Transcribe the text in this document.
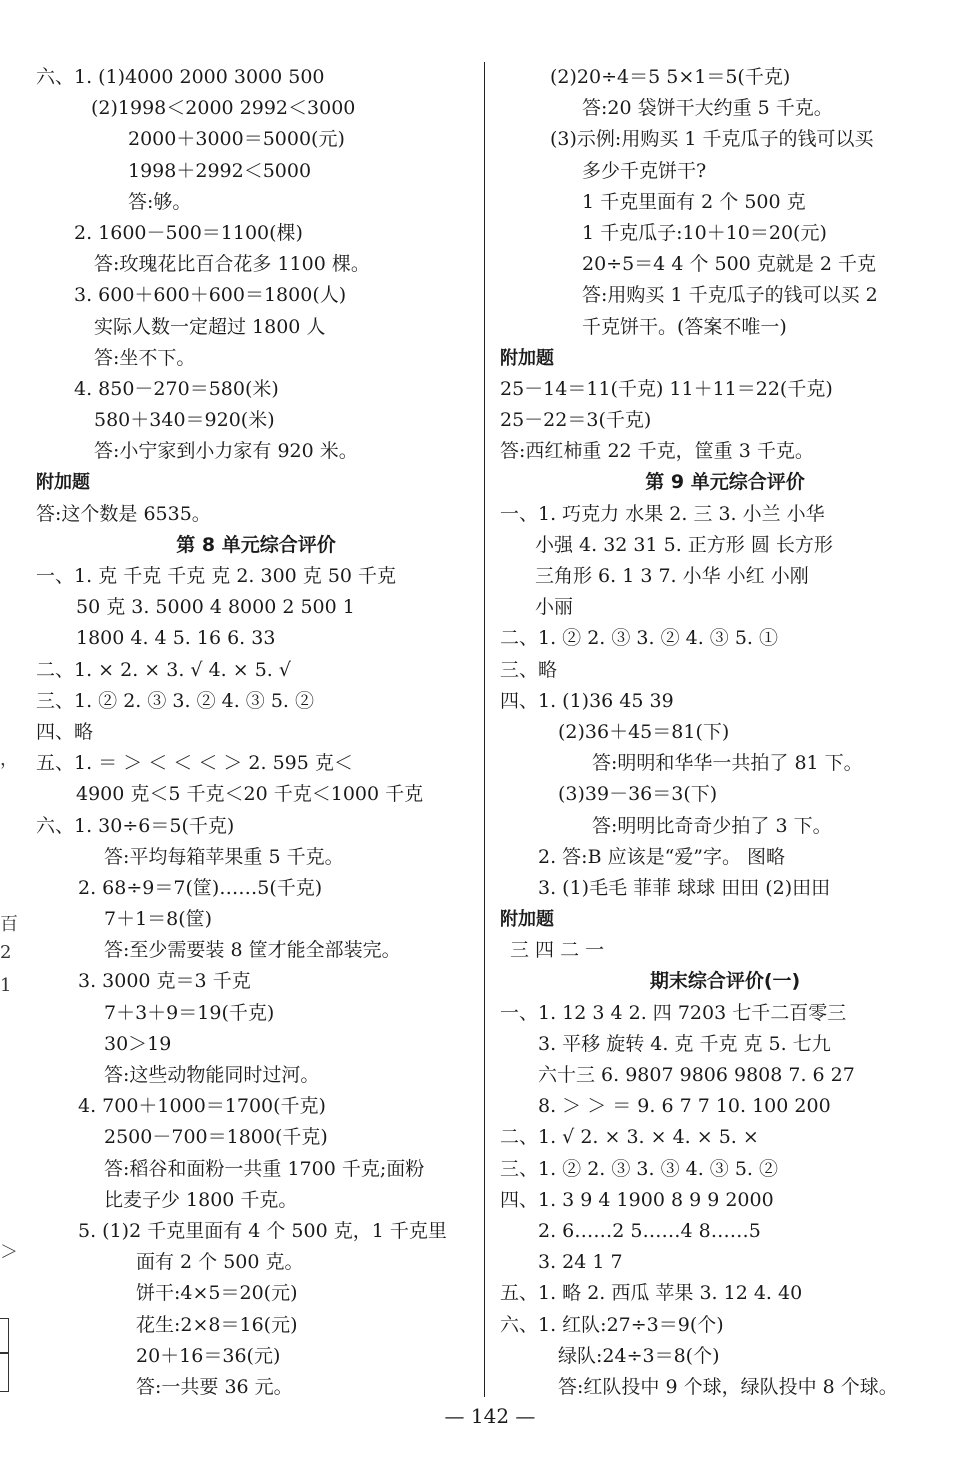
六、1. (1)4000 2000 3000 500
(2)1998＜2000 2992＜3000
2000＋3000＝5000(元)
1998＋2992＜5000
答:够。
2. 1600－500＝1100(棵)
答:玫瑰花比百合花多 1100 棵。
3. 600＋600＋600＝1800(人)
实际人数一定超过 1800 人
答:坐不下。
4. 850－270＝580(米)
580＋340＝920(米)
答:小宁家到小力家有 920 米。
附加题
答:这个数是 6535。
第 8 单元综合评价
一、1. 克 千克 千克 克 2. 300 克 50 千克
50 克 3. 5000 4 8000 2 500 1
1800 4. 4 5. 16 6. 33
二、1. × 2. × 3. √ 4. × 5. √
三、1. ② 2. ③ 3. ② 4. ③ 5. ②
四、略
五、1. ＝ ＞ ＜ ＜ ＜ ＞ 2. 595 克＜
4900 克＜5 千克＜20 千克＜1000 千克
六、1. 30÷6＝5(千克)
答:平均每箱苹果重 5 千克。
2. 68÷9＝7(筐)……5(千克)
7＋1＝8(筐)
答:至少需要装 8 筐才能全部装完。
3. 3000 克＝3 千克
7＋3＋9＝19(千克)
30＞19
答:这些动物能同时过河。
4. 700＋1000＝1700(千克)
2500－700＝1800(千克)
答:稻谷和面粉一共重 1700 千克;面粉
比麦子少 1800 千克。
5. (1)2 千克里面有 4 个 500 克，1 千克里
面有 2 个 500 克。
饼干:4×5＝20(元)
花生:2×8＝16(元)
20＋16＝36(元)
答:一共要 36 元。
(2)20÷4＝5 5×1＝5(千克)
答:20 袋饼干大约重 5 千克。
(3)示例:用购买 1 千克瓜子的钱可以买
多少千克饼干?
1 千克里面有 2 个 500 克
1 千克瓜子:10＋10＝20(元)
20÷5＝4 4 个 500 克就是 2 千克
答:用购买 1 千克瓜子的钱可以买 2
千克饼干。(答案不唯一)
附加题
25－14＝11(千克) 11＋11＝22(千克)
25－22＝3(千克)
答:西红柿重 22 千克，筐重 3 千克。
第 9 单元综合评价
一、1. 巧克力 水果 2. 三 3. 小兰 小华
小强 4. 32 31 5. 正方形 圆 长方形
三角形 6. 1 3 7. 小华 小红 小刚
小丽
二、1. ② 2. ③ 3. ② 4. ③ 5. ①
三、略
四、1. (1)36 45 39
(2)36＋45＝81(下)
答:明明和华华一共拍了 81 下。
(3)39－36＝3(下)
答:明明比奇奇少拍了 3 下。
2. 答:B 应该是“爱”字。 图略
3. (1)毛毛 菲菲 球球 田田 (2)田田
附加题
三 四 二 一
期末综合评价(一)
一、1. 12 3 4 2. 四 7203 七千二百零三
3. 平移 旋转 4. 克 千克 克 5. 七九
六十三 6. 9807 9806 9808 7. 6 27
8. ＞ ＞ ＝ 9. 6 7 7 10. 100 200
二、1. √ 2. × 3. × 4. × 5. ×
三、1. ② 2. ③ 3. ③ 4. ③ 5. ②
四、1. 3 9 4 1900 8 9 9 2000
2. 6……2 5……4 8……5
3. 24 1 7
五、1. 略 2. 西瓜 苹果 3. 12 4. 40
六、1. 红队:27÷3＝9(个)
绿队:24÷3＝8(个)
答:红队投中 9 个球，绿队投中 8 个球。
，
百
2
1
＞
— 142 —
